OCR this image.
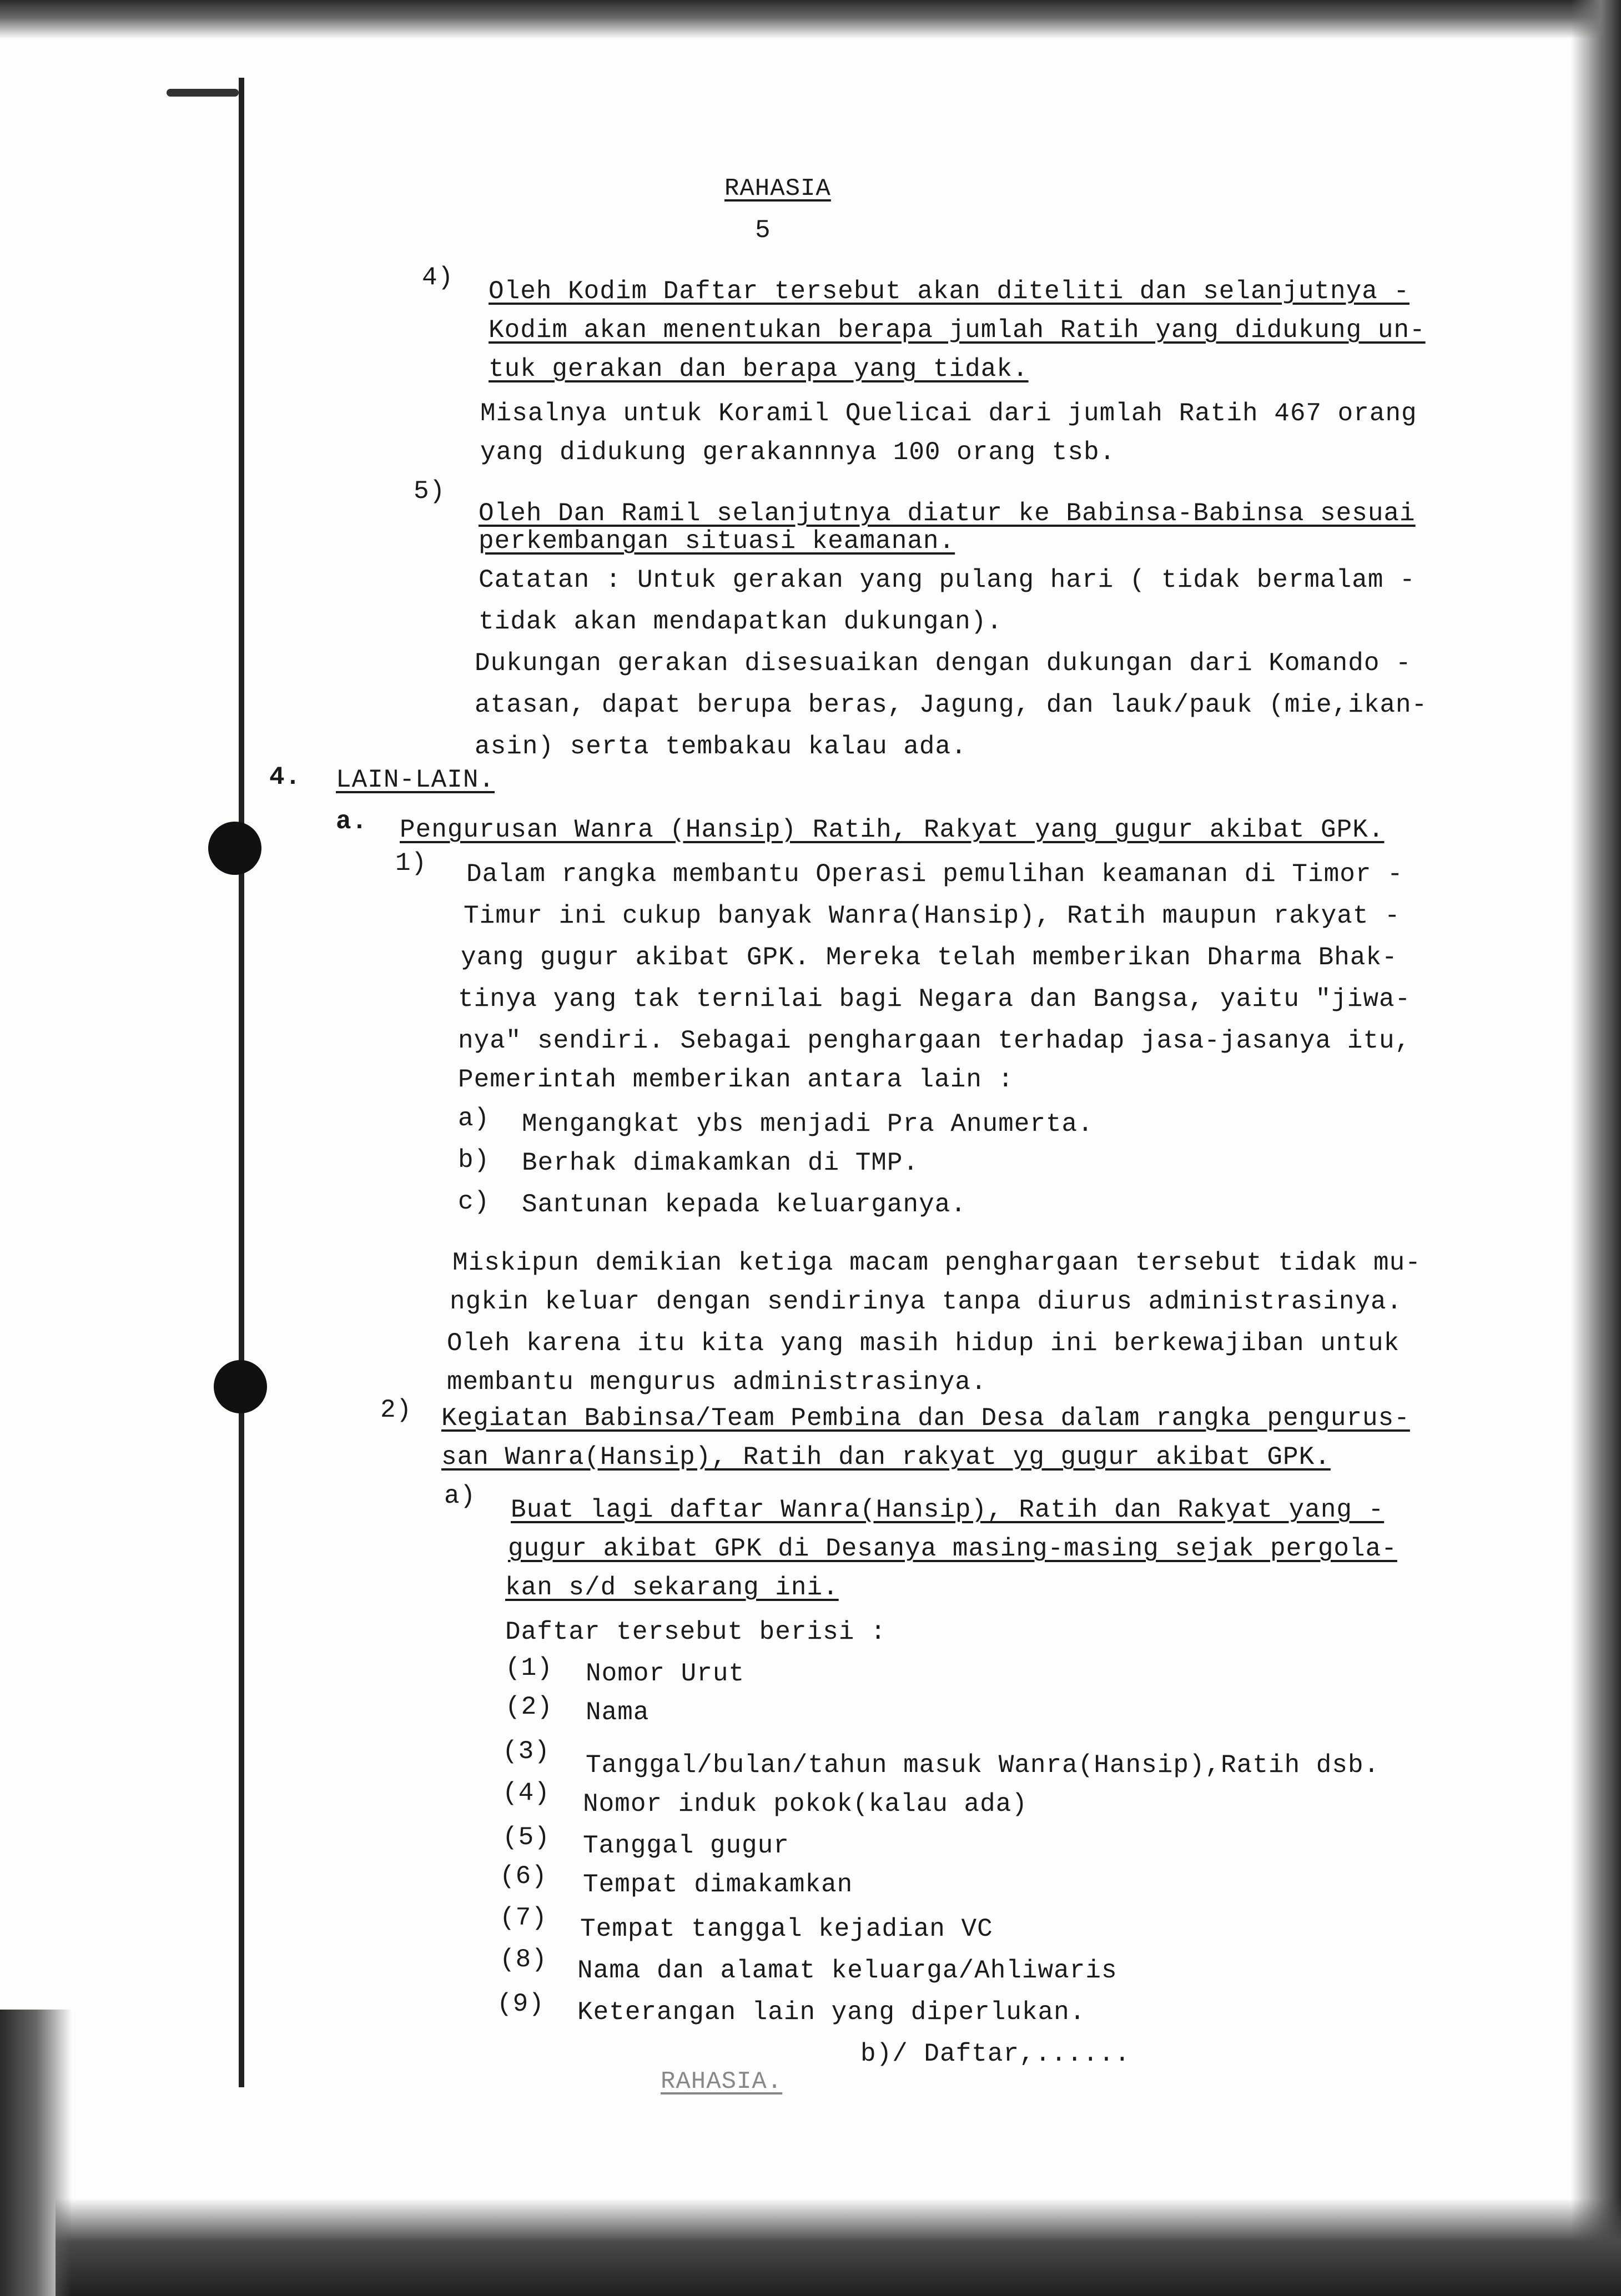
RAHASIA
5
4) Oleh Kodim Daftar tersebut akan diteliti dan selanjutnya -
Kodim akan menentukan berapa jumlah Ratih yang didukung un-
tuk gerakan dan berapa yang tidak.
Misalnya untuk Koramil Quelicai dari jumlah Ratih 467 orang
yang didukung gerakannnya 100 orang tsb.
5)
Oleh Dan Ramil selanjutnya diatur ke Babinsa-Babinsa sesuai
perkembangan situasi keamanan.
Catatan : Untuk gerakan yang pulang hari ( tidak bermalam -
tidak akan mendapatkan dukungan).
Dukungan gerakan disesuaikan dengan dukungan dari Komando -
atasan, dapat berupa beras, Jagung, dan lauk/pauk (mie,ikan-
asin) serta tembakau kalau ada.
4. LAIN-LAIN.
a. Pengurusan Wanra (Hansip) Ratih, Rakyat yang gugur akibat GPK.
1) Dalam rangka membantu Operasi pemulihan keamanan di Timor -
Timur ini cukup banyak Wanra(Hansip), Ratih maupun rakyat -
yang gugur akibat GPK. Mereka telah memberikan Dharma Bhak-
tinya yang tak ternilai bagi Negara dan Bangsa, yaitu "jiwa-
nya" sendiri. Sebagai penghargaan terhadap jasa-jasanya itu,
Pemerintah memberikan antara lain :
a) Mengangkat ybs menjadi Pra Anumerta.
b) Berhak dimakamkan di TMP.
c) Santunan kepada keluarganya.
Miskipun demikian ketiga macam penghargaan tersebut tidak mu-
ngkin keluar dengan sendirinya tanpa diurus administrasinya.
Oleh karena itu kita yang masih hidup ini berkewajiban untuk
membantu mengurus administrasinya.
2) Kegiatan Babinsa/Team Pembina dan Desa dalam rangka pengurus-
san Wanra(Hansip), Ratih dan rakyat yg gugur akibat GPK.
a) Buat lagi daftar Wanra(Hansip), Ratih dan Rakyat yang -
gugur akibat GPK di Desanya masing-masing sejak pergola-
kan s/d sekarang ini.
Daftar tersebut berisi :
(1) Nomor Urut
(2) Nama
(3) Tanggal/bulan/tahun masuk Wanra(Hansip),Ratih dsb.
(4) Nomor induk pokok(kalau ada)
(5) Tanggal gugur
(6) Tempat dimakamkan
(7) Tempat tanggal kejadian VC
(8) Nama dan alamat keluarga/Ahliwaris
(9) Keterangan lain yang diperlukan.
b)/ Daftar,......
RAHASIA.
